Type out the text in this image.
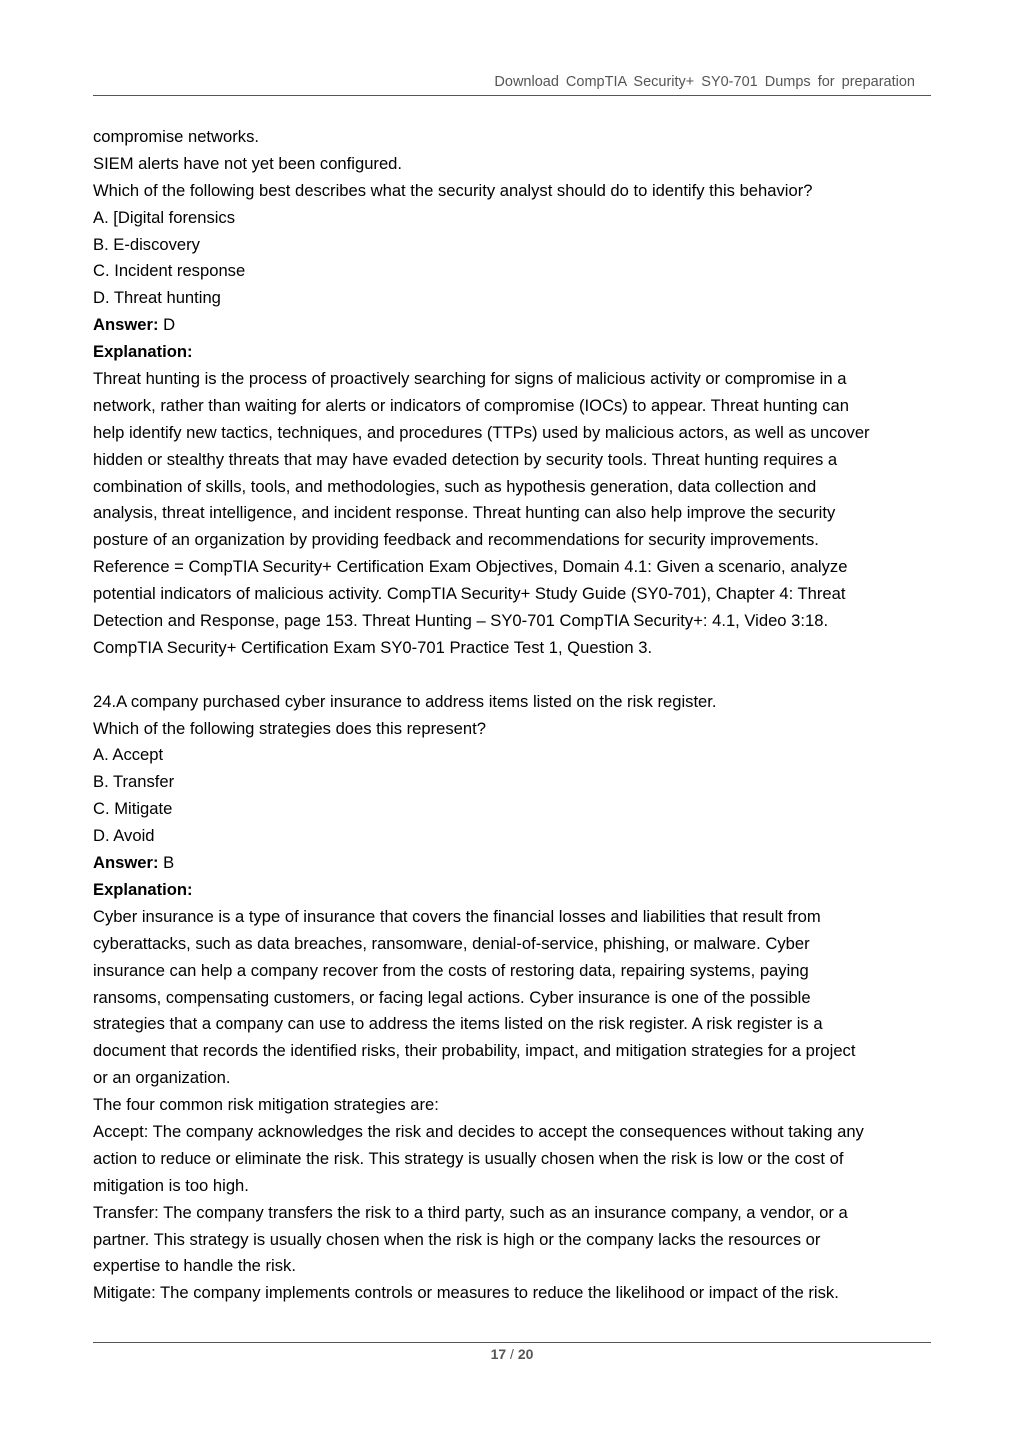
Download CompTIA Security+ SY0-701 Dumps for preparation
compromise networks.
SIEM alerts have not yet been configured.
Which of the following best describes what the security analyst should do to identify this behavior?
A. [Digital forensics
B. E-discovery
C. Incident response
D. Threat hunting
Answer: D
Explanation:
Threat hunting is the process of proactively searching for signs of malicious activity or compromise in a
network, rather than waiting for alerts or indicators of compromise (IOCs) to appear. Threat hunting can
help identify new tactics, techniques, and procedures (TTPs) used by malicious actors, as well as uncover
hidden or stealthy threats that may have evaded detection by security tools. Threat hunting requires a
combination of skills, tools, and methodologies, such as hypothesis generation, data collection and
analysis, threat intelligence, and incident response. Threat hunting can also help improve the security
posture of an organization by providing feedback and recommendations for security improvements.
Reference = CompTIA Security+ Certification Exam Objectives, Domain 4.1: Given a scenario, analyze
potential indicators of malicious activity. CompTIA Security+ Study Guide (SY0-701), Chapter 4: Threat
Detection and Response, page 153. Threat Hunting – SY0-701 CompTIA Security+: 4.1, Video 3:18.
CompTIA Security+ Certification Exam SY0-701 Practice Test 1, Question 3.
24.A company purchased cyber insurance to address items listed on the risk register.
Which of the following strategies does this represent?
A. Accept
B. Transfer
C. Mitigate
D. Avoid
Answer: B
Explanation:
Cyber insurance is a type of insurance that covers the financial losses and liabilities that result from
cyberattacks, such as data breaches, ransomware, denial-of-service, phishing, or malware. Cyber
insurance can help a company recover from the costs of restoring data, repairing systems, paying
ransoms, compensating customers, or facing legal actions. Cyber insurance is one of the possible
strategies that a company can use to address the items listed on the risk register. A risk register is a
document that records the identified risks, their probability, impact, and mitigation strategies for a project
or an organization.
The four common risk mitigation strategies are:
Accept: The company acknowledges the risk and decides to accept the consequences without taking any
action to reduce or eliminate the risk. This strategy is usually chosen when the risk is low or the cost of
mitigation is too high.
Transfer: The company transfers the risk to a third party, such as an insurance company, a vendor, or a
partner. This strategy is usually chosen when the risk is high or the company lacks the resources or
expertise to handle the risk.
Mitigate: The company implements controls or measures to reduce the likelihood or impact of the risk.
17 / 20
